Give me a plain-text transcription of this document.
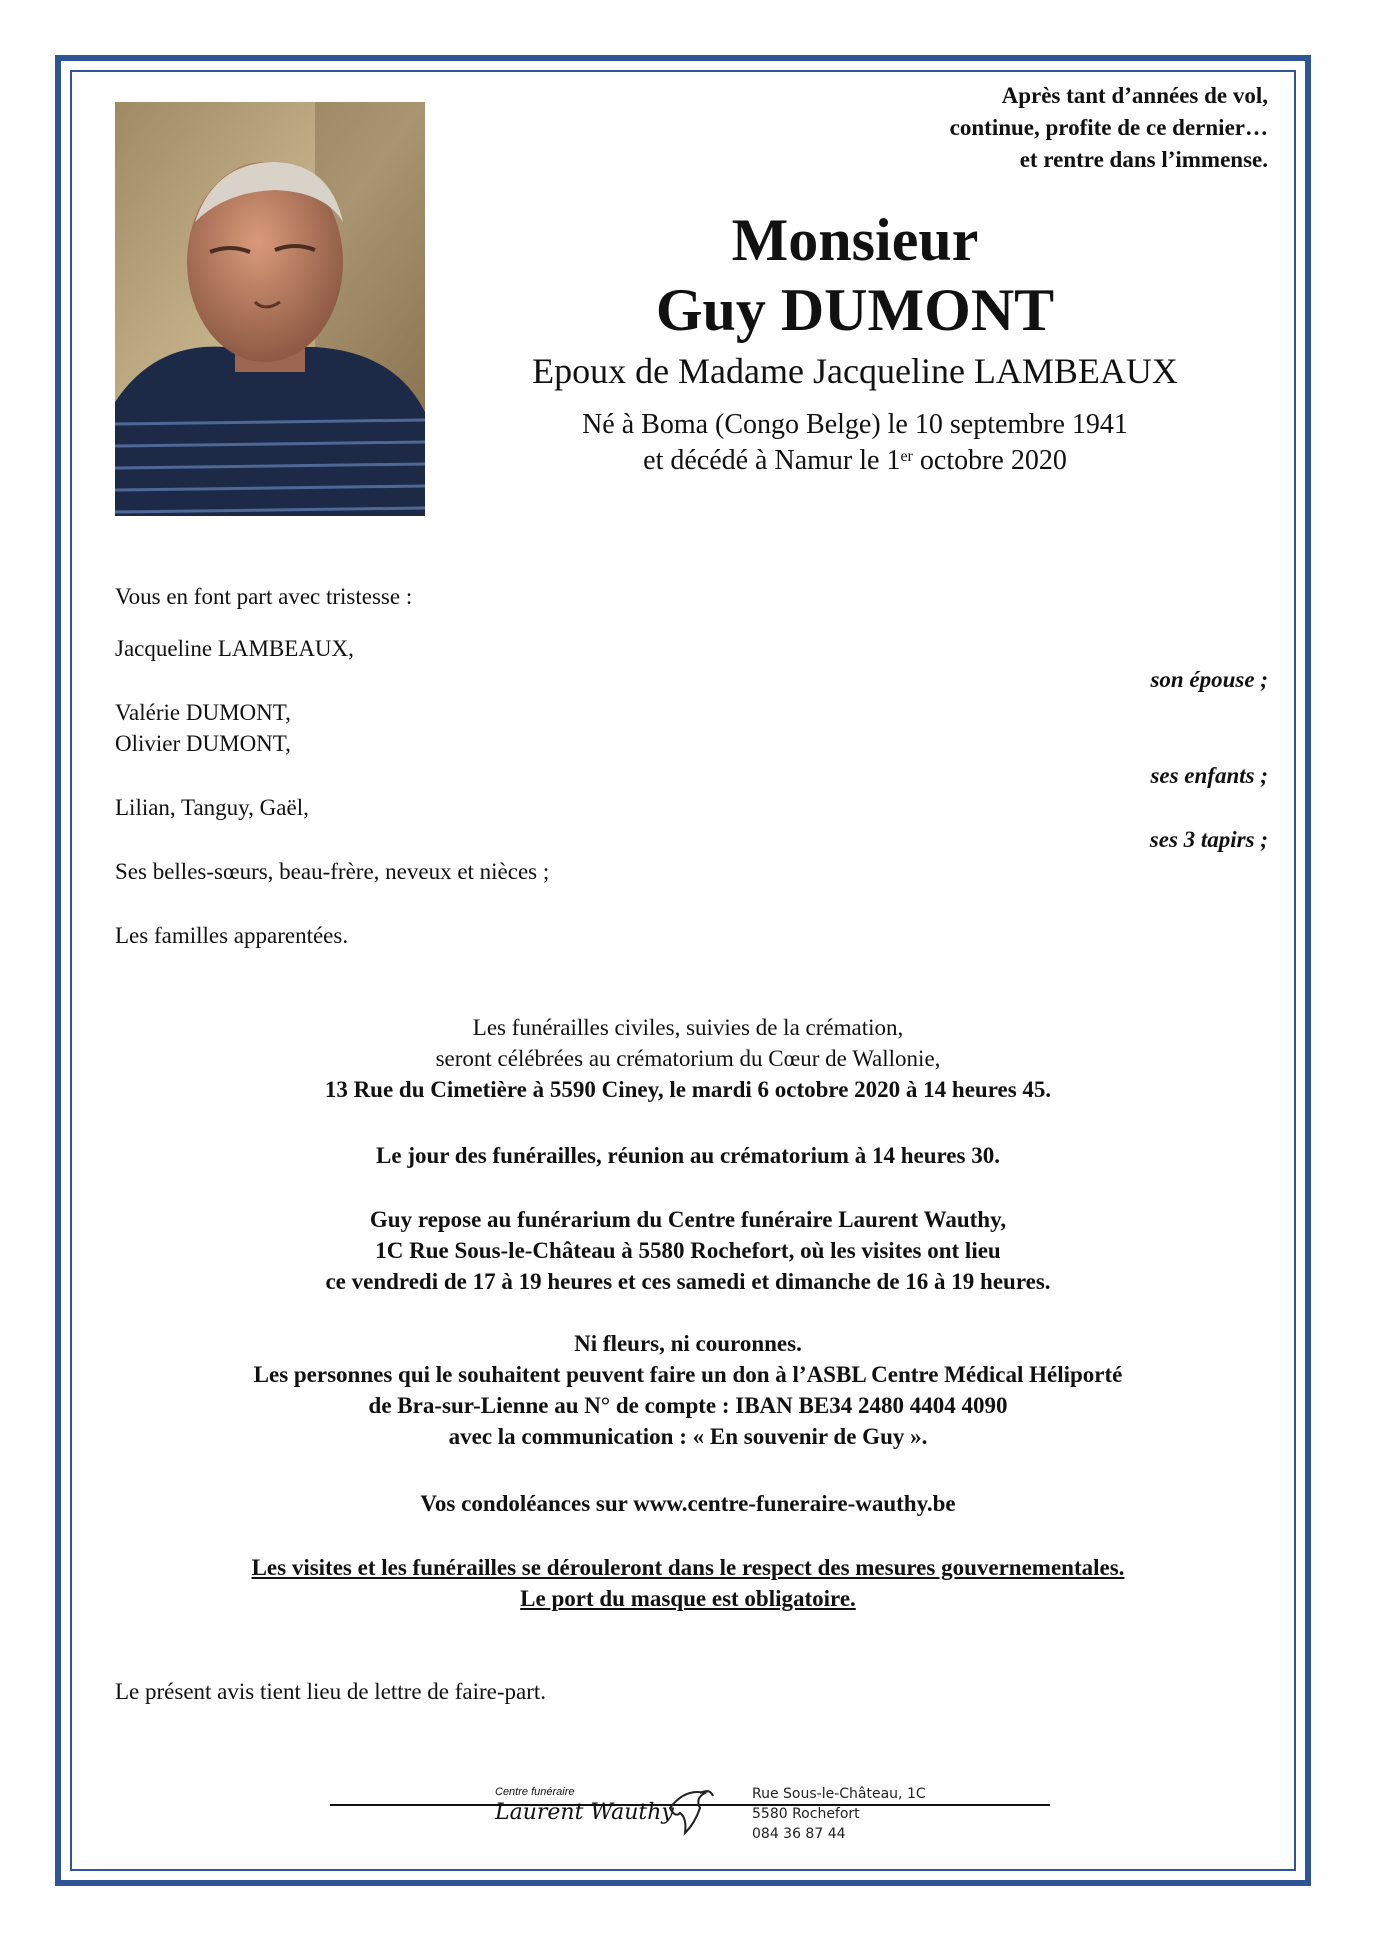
Après tant d’années de vol,
continue, profite de ce dernier…
et rentre dans l’immense.
Monsieur
Guy DUMONT
Epoux de Madame Jacqueline LAMBEAUX
Né à Boma (Congo Belge) le 10 septembre 1941
et décédé à Namur le 1er octobre 2020
Vous en font part avec tristesse :
Jacqueline LAMBEAUX,
son épouse ;
Valérie DUMONT,
Olivier DUMONT,
ses enfants ;
Lilian, Tanguy, Gaël,
ses 3 tapirs ;
Ses belles-sœurs, beau-frère, neveux et nièces ;
Les familles apparentées.
Les funérailles civiles, suivies de la crémation,
seront célébrées au crématorium du Cœur de Wallonie,
13 Rue du Cimetière à 5590 Ciney, le mardi 6 octobre 2020 à 14 heures 45.
Le jour des funérailles, réunion au crématorium à 14 heures 30.
Guy repose au funérarium du Centre funéraire Laurent Wauthy,
1C Rue Sous-le-Château à 5580 Rochefort, où les visites ont lieu
ce vendredi de 17 à 19 heures et ces samedi et dimanche de 16 à 19 heures.
Ni fleurs, ni couronnes.
Les personnes qui le souhaitent peuvent faire un don à l’ASBL Centre Médical Héliporté
de Bra-sur-Lienne au N° de compte : IBAN BE34 2480 4404 4090
avec la communication : « En souvenir de Guy ».
Vos condoléances sur www.centre-funeraire-wauthy.be
Les visites et les funérailles se dérouleront dans le respect des mesures gouvernementales.
Le port du masque est obligatoire.
Le présent avis tient lieu de lettre de faire-part.
Centre funéraire
Laurent Wauthy
Rue Sous-le-Château, 1C
5580 Rochefort
084 36 87 44
